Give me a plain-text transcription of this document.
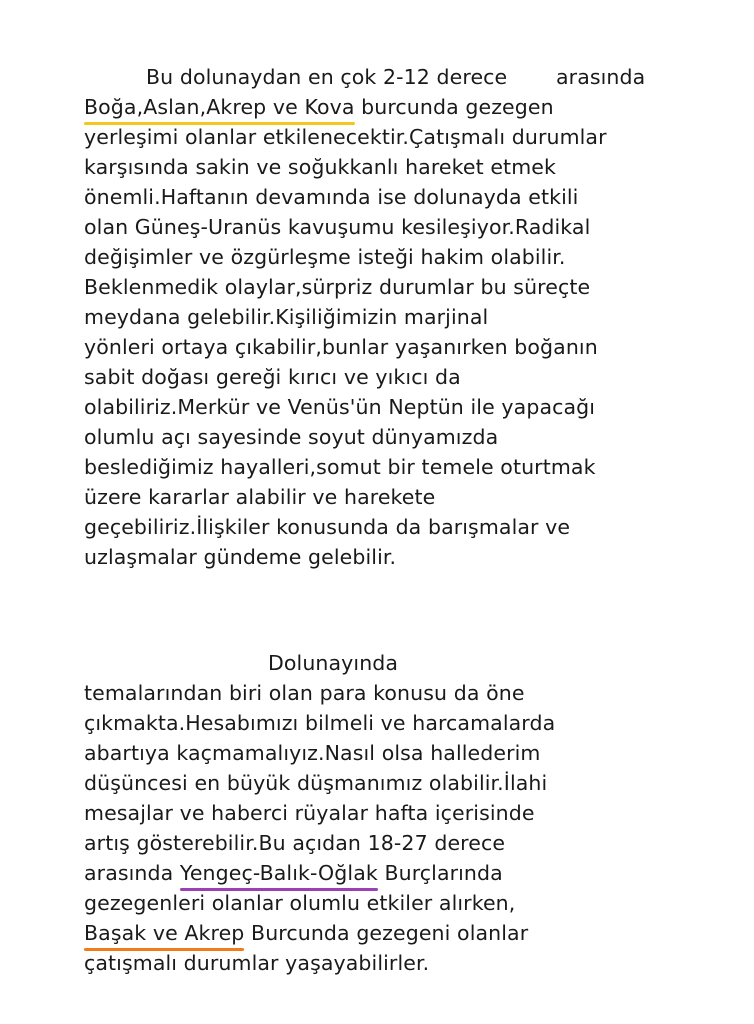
Bu dolunaydan en çok 2-12 derece arasında
Boğa,Aslan,Akrep ve Kova burcunda gezegen
yerleşimi olanlar etkilenecektir.Çatışmalı durumlar
karşısında sakin ve soğukkanlı hareket etmek
önemli.Haftanın devamında ise dolunayda etkili
olan Güneş-Uranüs kavuşumu kesileşiyor.Radikal
değişimler ve özgürleşme isteği hakim olabilir.
Beklenmedik olaylar,sürpriz durumlar bu süreçte
meydana gelebilir.Kişiliğimizin marjinal
yönleri ortaya çıkabilir,bunlar yaşanırken boğanın
sabit doğası gereği kırıcı ve yıkıcı da
olabiliriz.Merkür ve Venüs'ün Neptün ile yapacağı
olumlu açı sayesinde soyut dünyamızda
beslediğimiz hayalleri,somut bir temele oturtmak
üzere kararlar alabilir ve harekete
geçebiliriz.İlişkiler konusunda da barışmalar ve
uzlaşmalar gündeme gelebilir.
Dolunayında
temalarından biri olan para konusu da öne
çıkmakta.Hesabımızı bilmeli ve harcamalarda
abartıya kaçmamalıyız.Nasıl olsa hallederim
düşüncesi en büyük düşmanımız olabilir.İlahi
mesajlar ve haberci rüyalar hafta içerisinde
artış gösterebilir.Bu açıdan 18-27 derece
arasında Yengeç-Balık-Oğlak Burçlarında
gezegenleri olanlar olumlu etkiler alırken,
Başak ve Akrep Burcunda gezegeni olanlar
çatışmalı durumlar yaşayabilirler.
